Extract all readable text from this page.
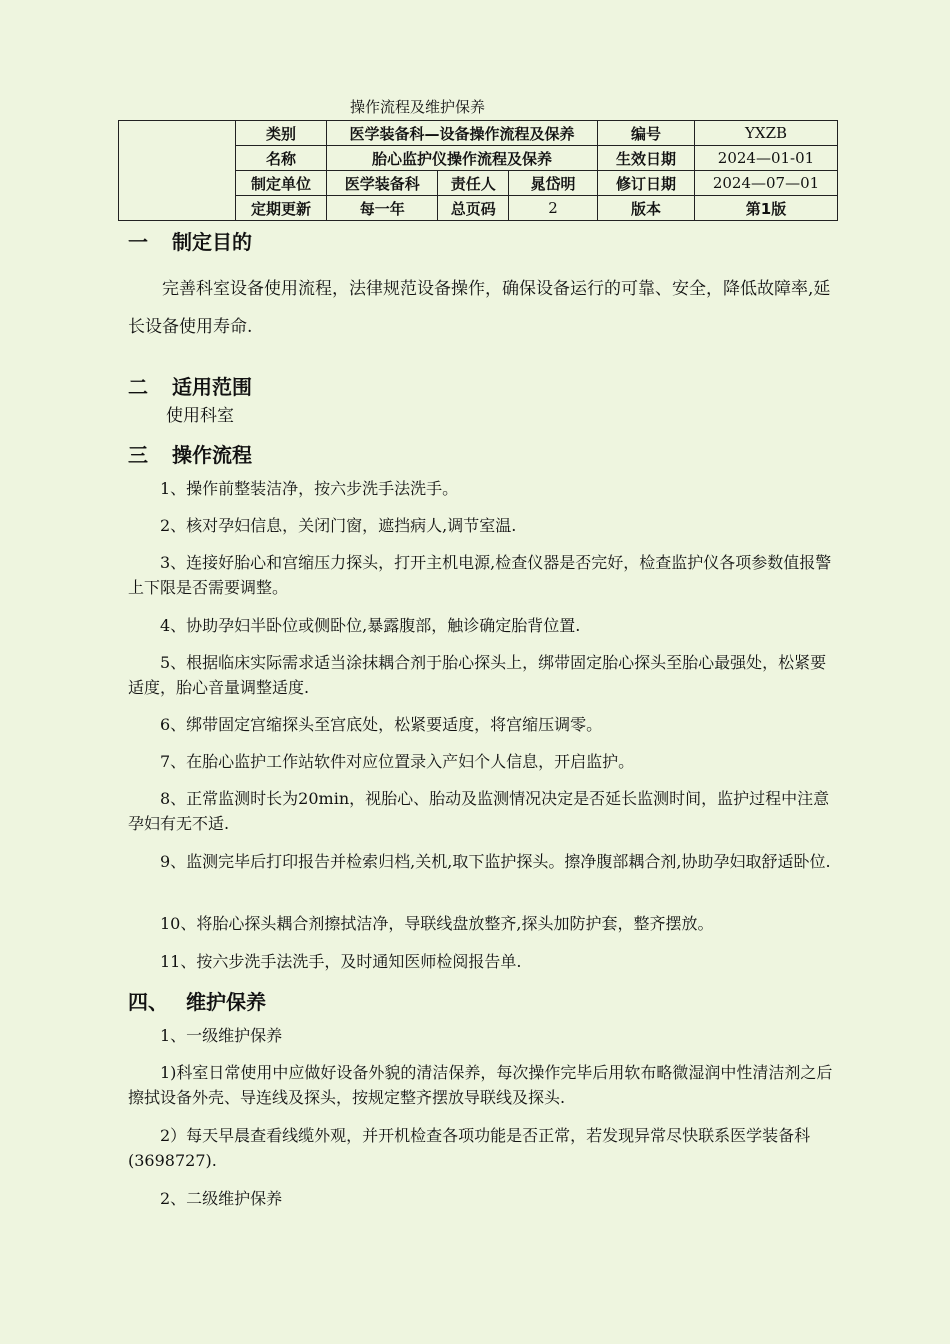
操作流程及维护保养
	类别	医学装备科—设备操作流程及保养			编号	YXZB
	名称	胎心监护仪操作流程及保养			生效日期	2024—01-01
	制定单位	医学装备科	责任人	晁岱明	修订日期	2024—07—01
	定期更新	每一年	总页码	2	版本	第1版
一 制定目的
完善科室设备使用流程，法律规范设备操作，确保设备运行的可靠、安全，降低故障率,延长设备使用寿命.
二 适用范围
使用科室
三 操作流程
1、操作前整装洁净，按六步洗手法洗手。
2、核对孕妇信息，关闭门窗，遮挡病人,调节室温.
3、连接好胎心和宫缩压力探头，打开主机电源,检查仪器是否完好，检查监护仪各项参数值报警上下限是否需要调整。
4、协助孕妇半卧位或侧卧位,暴露腹部，触诊确定胎背位置.
5、根据临床实际需求适当涂抹耦合剂于胎心探头上，绑带固定胎心探头至胎心最强处，松紧要适度，胎心音量调整适度.
6、绑带固定宫缩探头至宫底处，松紧要适度，将宫缩压调零。
7、在胎心监护工作站软件对应位置录入产妇个人信息，开启监护。
8、正常监测时长为20min，视胎心、胎动及监测情况决定是否延长监测时间，监护过程中注意孕妇有无不适.
9、监测完毕后打印报告并检索归档,关机,取下监护探头。擦净腹部耦合剂,协助孕妇取舒适卧位.
10、将胎心探头耦合剂擦拭洁净，导联线盘放整齐,探头加防护套，整齐摆放。
11、按六步洗手法洗手，及时通知医师检阅报告单.
四、 维护保养
1、一级维护保养
1)科室日常使用中应做好设备外貌的清洁保养，每次操作完毕后用软布略微湿润中性清洁剂之后擦拭设备外壳、导连线及探头，按规定整齐摆放导联线及探头.
2）每天早晨查看线缆外观，并开机检查各项功能是否正常，若发现异常尽快联系医学装备科(3698727).
2、二级维护保养
